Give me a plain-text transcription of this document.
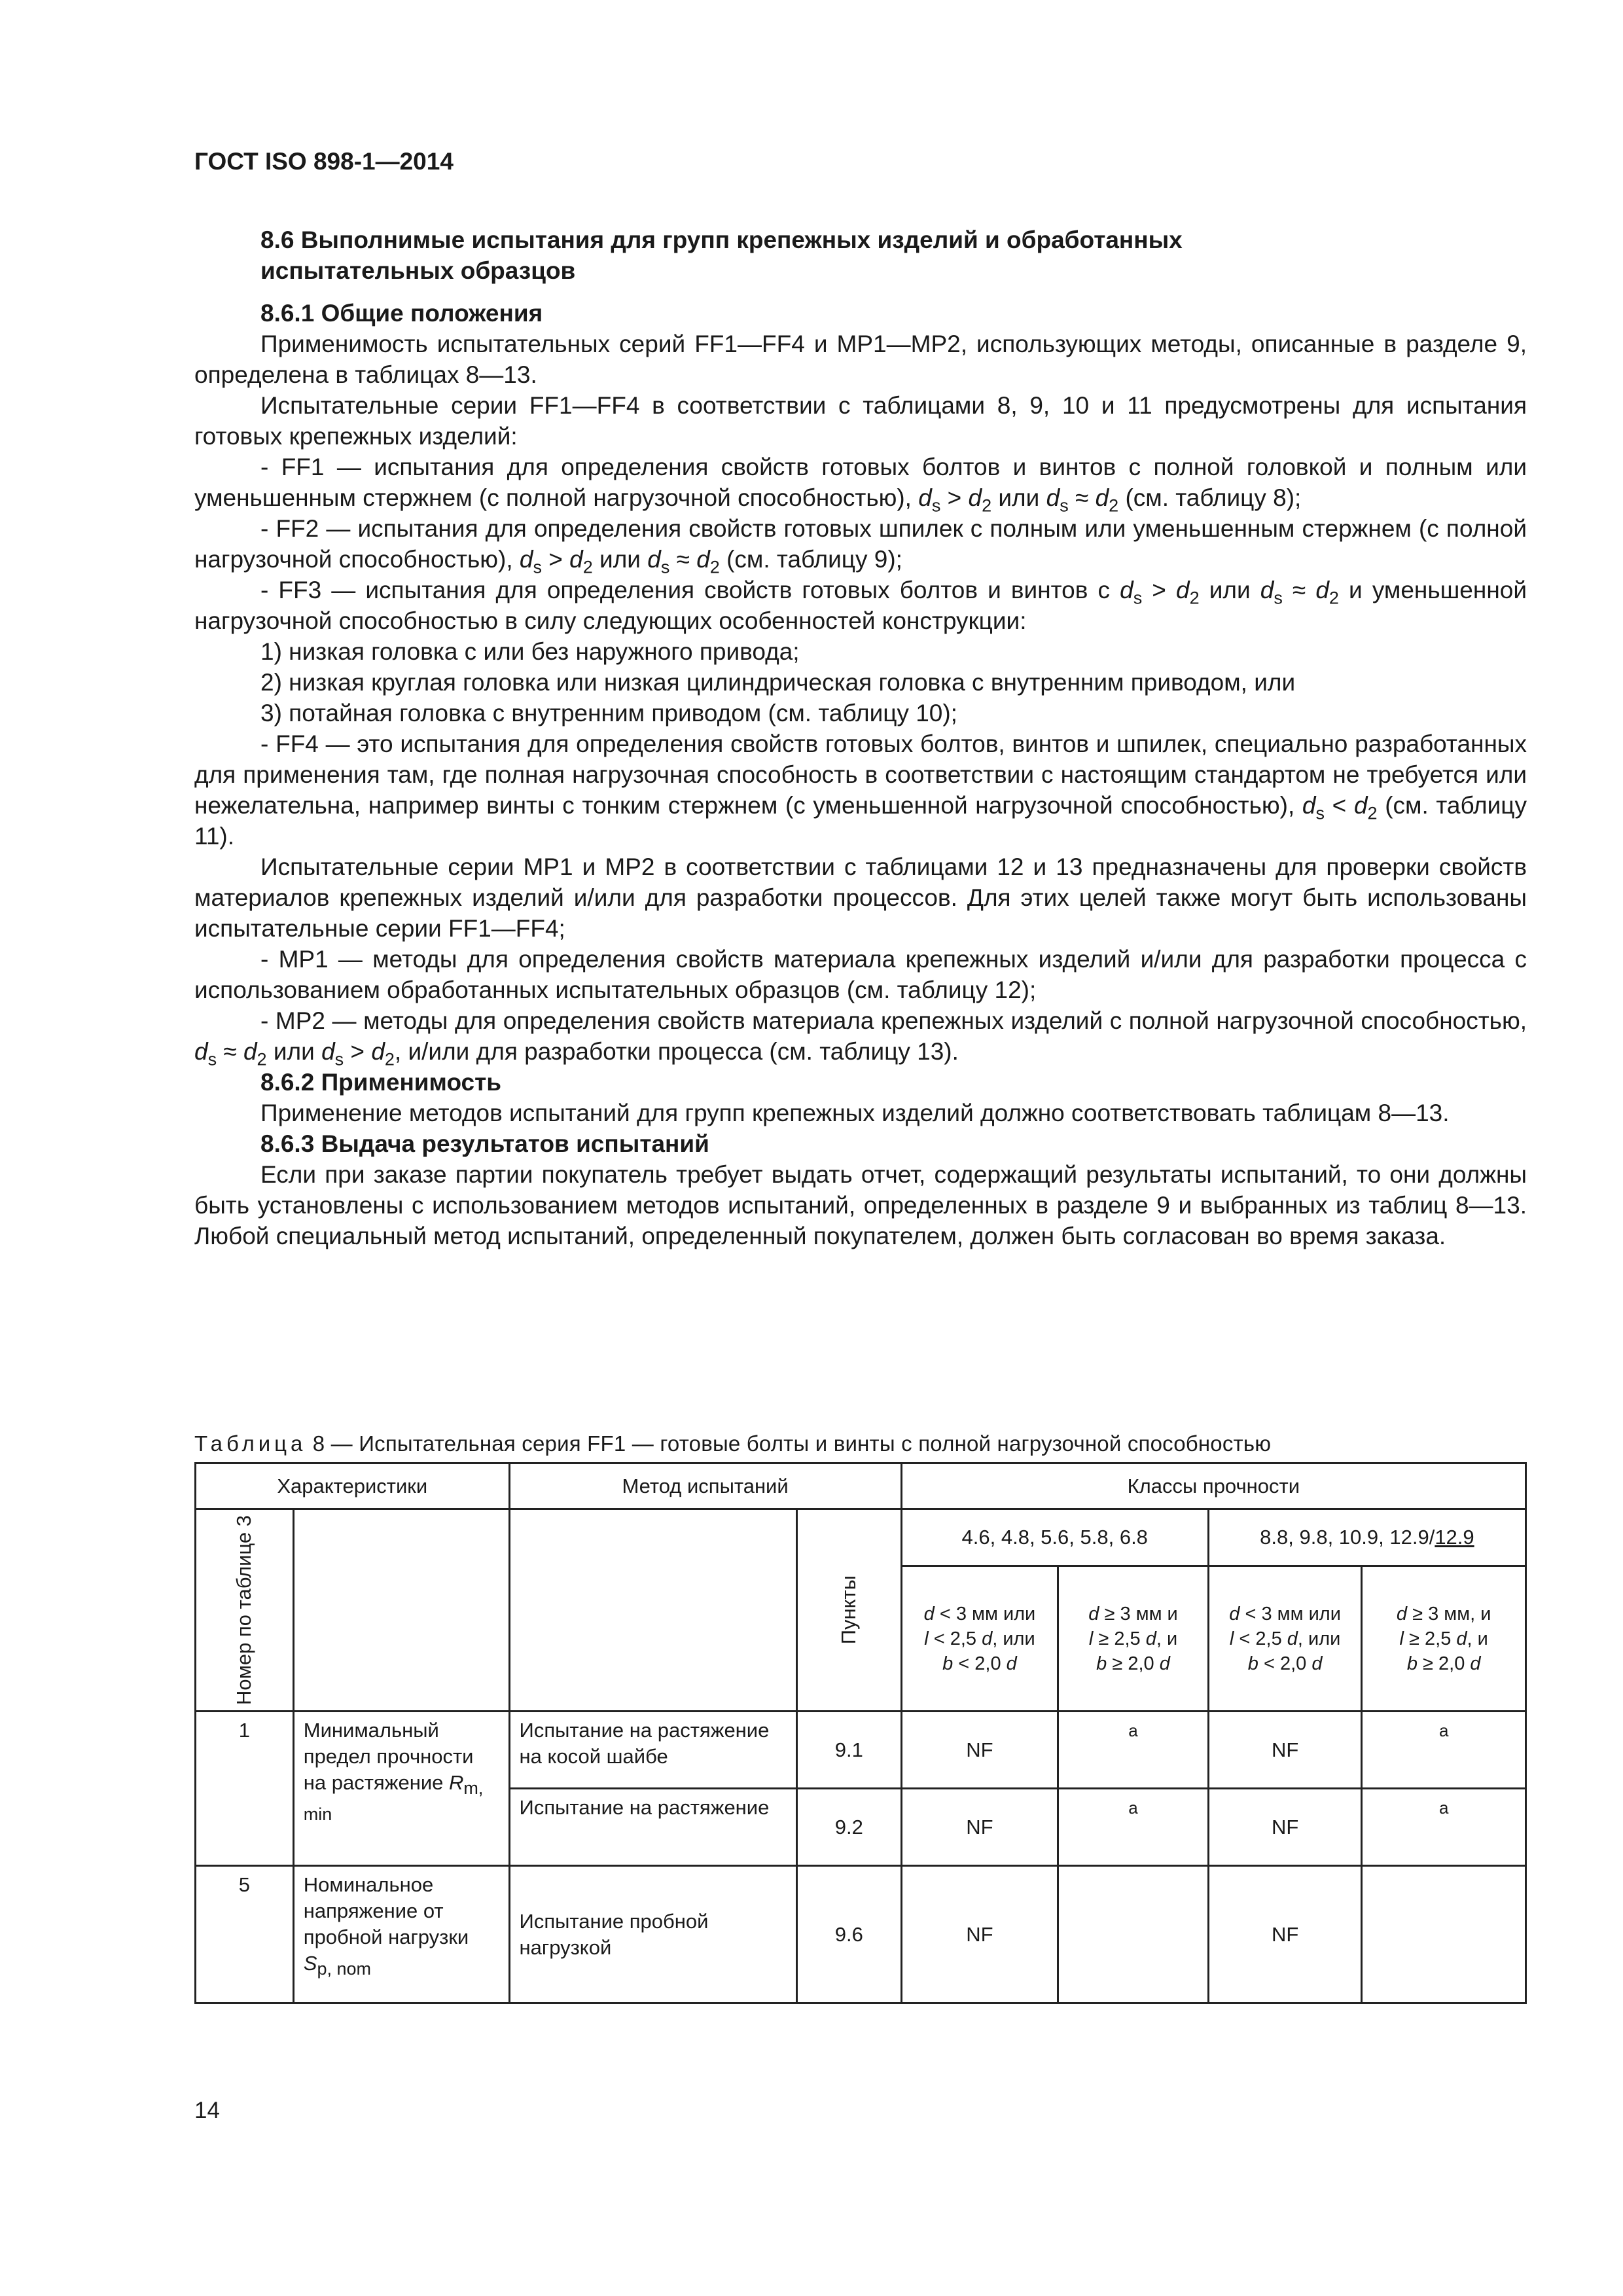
ГОСТ ISO 898-1—2014

8.6 Выполнимые испытания для групп крепежных изделий и обработанных
испытательных образцов

8.6.1 Общие положения

Применимость испытательных серий FF1—FF4 и MP1—MP2, использующих методы, описанные в разделе 9, определена в таблицах 8—13.

Испытательные серии FF1—FF4 в соответствии с таблицами 8, 9, 10 и 11 предусмотрены для испытания готовых крепежных изделий:

- FF1 — испытания для определения свойств готовых болтов и винтов с полной головкой и полным или уменьшенным стержнем (с полной нагрузочной способностью), $d_s > d_2$ или $d_s \approx d_2$ (см. таблицу 8);

- FF2 — испытания для определения свойств готовых шпилек с полным или уменьшенным стержнем (с полной нагрузочной способностью), $d_s > d_2$ или $d_s \approx d_2$ (см. таблицу 9);

- FF3 — испытания для определения свойств готовых болтов и винтов с $d_s > d_2$ или $d_s \approx d_2$ и уменьшенной нагрузочной способностью в силу следующих особенностей конструкции:

1) низкая головка с или без наружного привода;

2) низкая круглая головка или низкая цилиндрическая головка с внутренним приводом, или

3) потайная головка с внутренним приводом (см. таблицу 10);

- FF4 — это испытания для определения свойств готовых болтов, винтов и шпилек, специально разработанных для применения там, где полная нагрузочная способность в соответствии с настоящим стандартом не требуется или нежелательна, например винты с тонким стержнем (с уменьшенной нагрузочной способностью), $d_s < d_2$ (см. таблицу 11).

Испытательные серии MP1 и MP2 в соответствии с таблицами 12 и 13 предназначены для проверки свойств материалов крепежных изделий и/или для разработки процессов. Для этих целей также могут быть использованы испытательные серии FF1—FF4;

- MP1 — методы для определения свойств материала крепежных изделий и/или для разработки процесса с использованием обработанных испытательных образцов (см. таблицу 12);

- MP2 — методы для определения свойств материала крепежных изделий с полной нагрузочной способностью, $d_s \approx d_2$ или $d_s > d_2$, и/или для разработки процесса (см. таблицу 13).

8.6.2 Применимость

Применение методов испытаний для групп крепежных изделий должно соответствовать таблицам 8—13.

8.6.3 Выдача результатов испытаний

Если при заказе партии покупатель требует выдать отчет, содержащий результаты испытаний, то они должны быть установлены с использованием методов испытаний, определенных в разделе 9 и выбранных из таблиц 8—13. Любой специальный метод испытаний, определенный покупателем, должен быть согласован во время заказа.

Таблица 8 — Испытательная серия FF1 — готовые болты и винты с полной нагрузочной способностью
Характеристики		Метод испытаний		Классы прочности			

Номер по таблице 3			Пункты	4.6, 4.8, 5.6, 5.8, 6.8		8.8, 9.8, 10.9, 12.9/12.9	
				d < 3 мм или
l < 2,5 d, или
b < 2,0 d	d ≥ 3 мм и
l ≥ 2,5 d, и
b ≥ 2,0 d	d < 3 мм или
l < 2,5 d, или
b < 2,0 d	d ≥ 3 мм, и
l ≥ 2,5 d, и
b ≥ 2,0 d
1	Минимальный предел прочности на растяжение $R_{m, min}$	Испытание на растяжение на косой шайбе	9.1	NF	a	NF	a
		Испытание на растяжение	9.2	NF	a	NF	a
5	Номинальное напряжение от пробной нагрузки $S_{p, nom}$	Испытание пробной нагрузкой	9.6	NF		NF	
14
